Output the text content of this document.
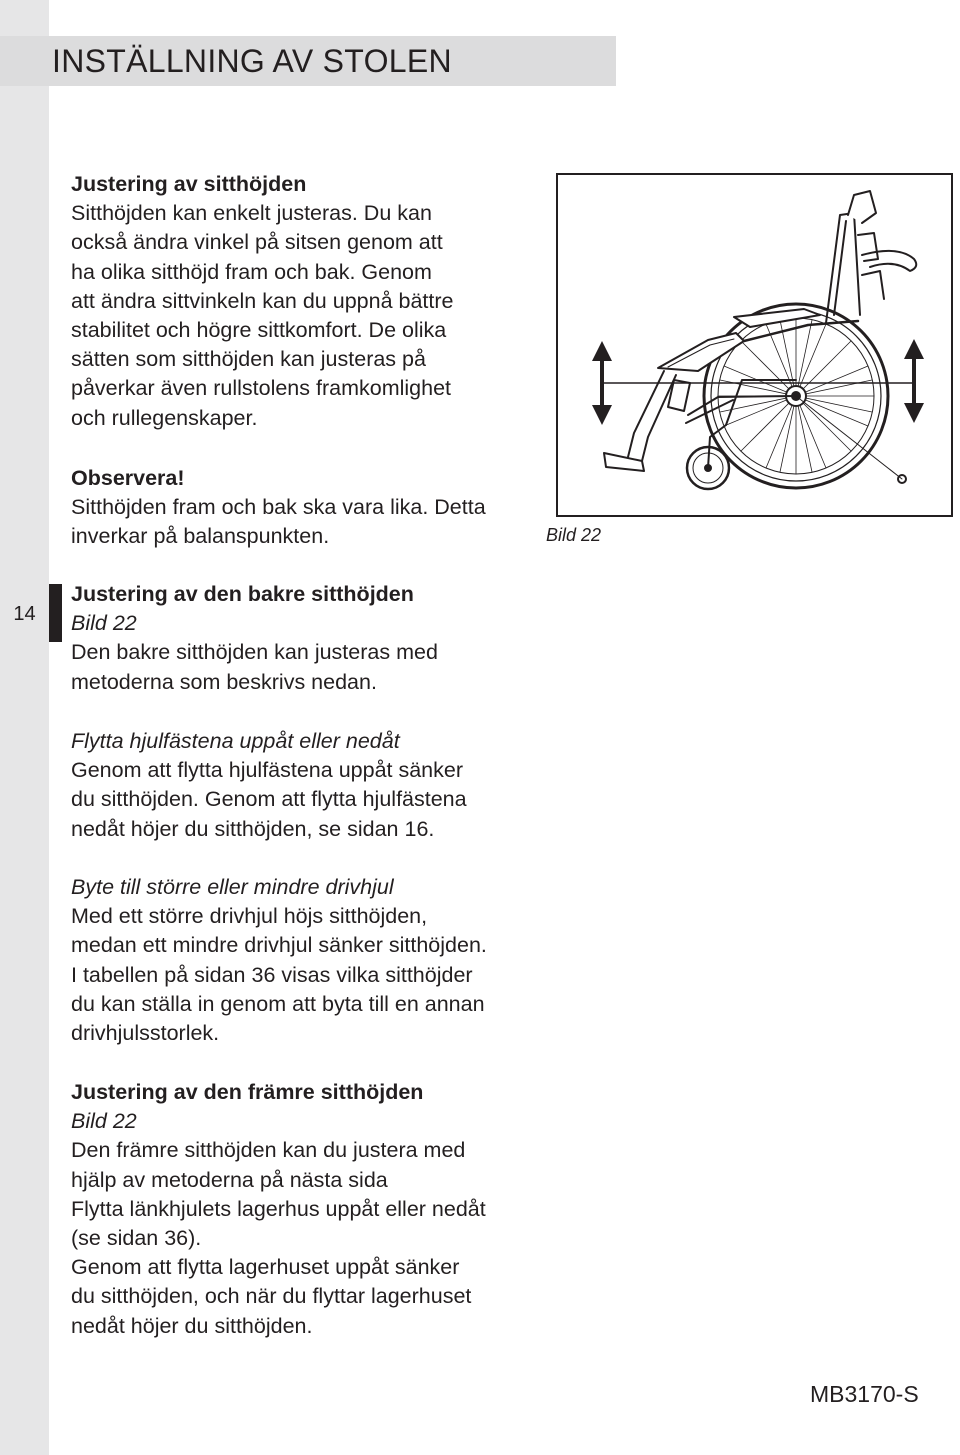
INSTÄLLNING AV STOLEN
14

Justering av sitthöjden

Sitthöjden kan enkelt justeras. Du kan

också ändra vinkel på sitsen genom att

ha olika sitthöjd fram och bak. Genom

att ändra sittvinkeln kan du uppnå bättre

stabilitet och högre sittkomfort. De olika

sätten som sitthöjden kan justeras på

påverkar även rullstolens framkomlighet

och rullegenskaper.

Observera!

Sitthöjden fram och bak ska vara lika. Detta

inverkar på balanspunkten.

Justering av den bakre sitthöjden

Bild 22

Den bakre sitthöjden kan justeras med

metoderna som beskrivs nedan.

Flytta hjulfästena uppåt eller nedåt

Genom att flytta hjulfästena uppåt sänker

du sitthöjden. Genom att flytta hjulfästena

nedåt höjer du sitthöjden, se sidan 16.

Byte till större eller mindre drivhjul

Med ett större drivhjul höjs sitthöjden,

medan ett mindre drivhjul sänker sitthöjden.

I tabellen på sidan 36 visas vilka sitthöjder

du kan ställa in genom att byta till en annan

drivhjulsstorlek.

Justering av den främre sitthöjden

Bild 22

Den främre sitthöjden kan du justera med

hjälp av metoderna på nästa sida

Flytta länkhjulets lagerhus uppåt eller nedåt

(se sidan 36).

Genom att flytta lagerhuset uppåt sänker

du sitthöjden, och när du flyttar lagerhuset

nedåt höjer du sitthöjden.

Bild 22
MB3170-S
